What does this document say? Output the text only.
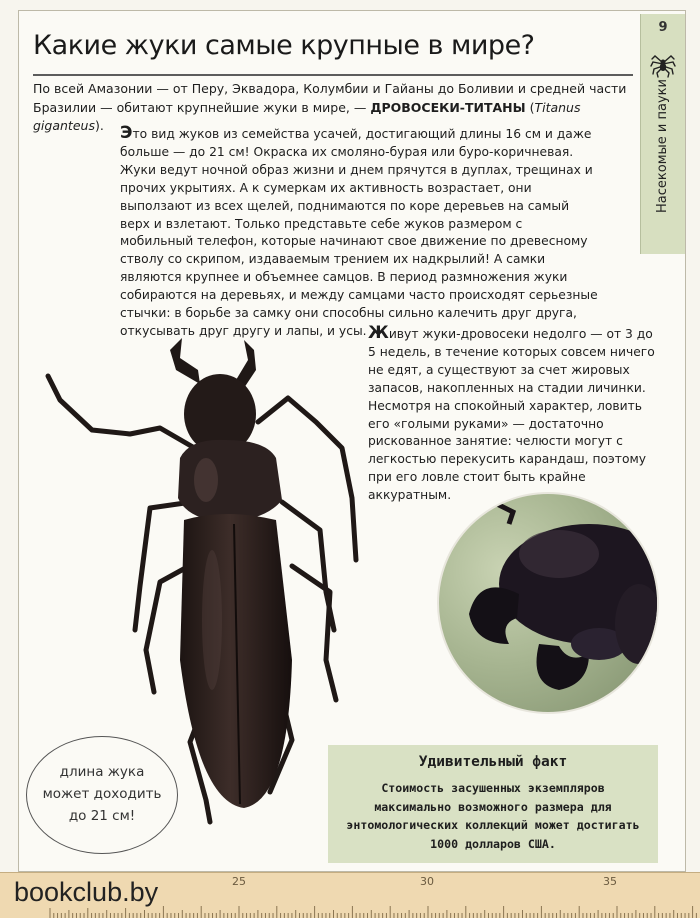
Какие жуки самые крупные в мире?

По всей Амазонии — от Перу, Эквадора, Колумбии и Гайаны до Боливии и средней части Бразилии — обитают крупнейшие жуки в мире, — ДРОВОСЕКИ-ТИТАНЫ (Titanus giganteus).

9
Насекомые и пауки

Это вид жуков из семейства усачей, достигающий длины 16 см и даже больше — до 21 см! Окраска их смоляно-бурая или буро-коричневая. Жуки ведут ночной образ жизни и днем прячутся в дуплах, трещинах и прочих укрытиях. А к сумеркам их активность возрастает, они выползают из всех щелей, поднимаются по коре деревьев на самый верх и взлетают. Только представьте себе жуков размером с мобильный телефон, которые начинают свое движение по древесному стволу со скрипом, издаваемым трением их надкрылий! А самки являются крупнее и объемнее самцов. В период размножения жуки собираются на деревьях, и между самцами часто происходят серьезные стычки: в борьбе за самку они способны сильно калечить друг друга, откусывать друг другу и лапы, и усы. Живут жуки-дровосеки недолго — от 3 до 5 недель, в течение которых совсем ничего не едят, а существуют за счет жировых запасов, накопленных на стадии личинки. Несмотря на спокойный характер, ловить его «голыми руками» — достаточно рискованное занятие: челюсти могут с легкостью перекусить карандаш, поэтому при его ловле стоит быть крайне аккуратным.

длина жука
может доходить
до 21 см!
Удивительный факт
Стоимость засушенных экземпляров максимально возможного размера для энтомологических коллекций может достигать 1000 долларов США.
25	30	35
bookclub.by
